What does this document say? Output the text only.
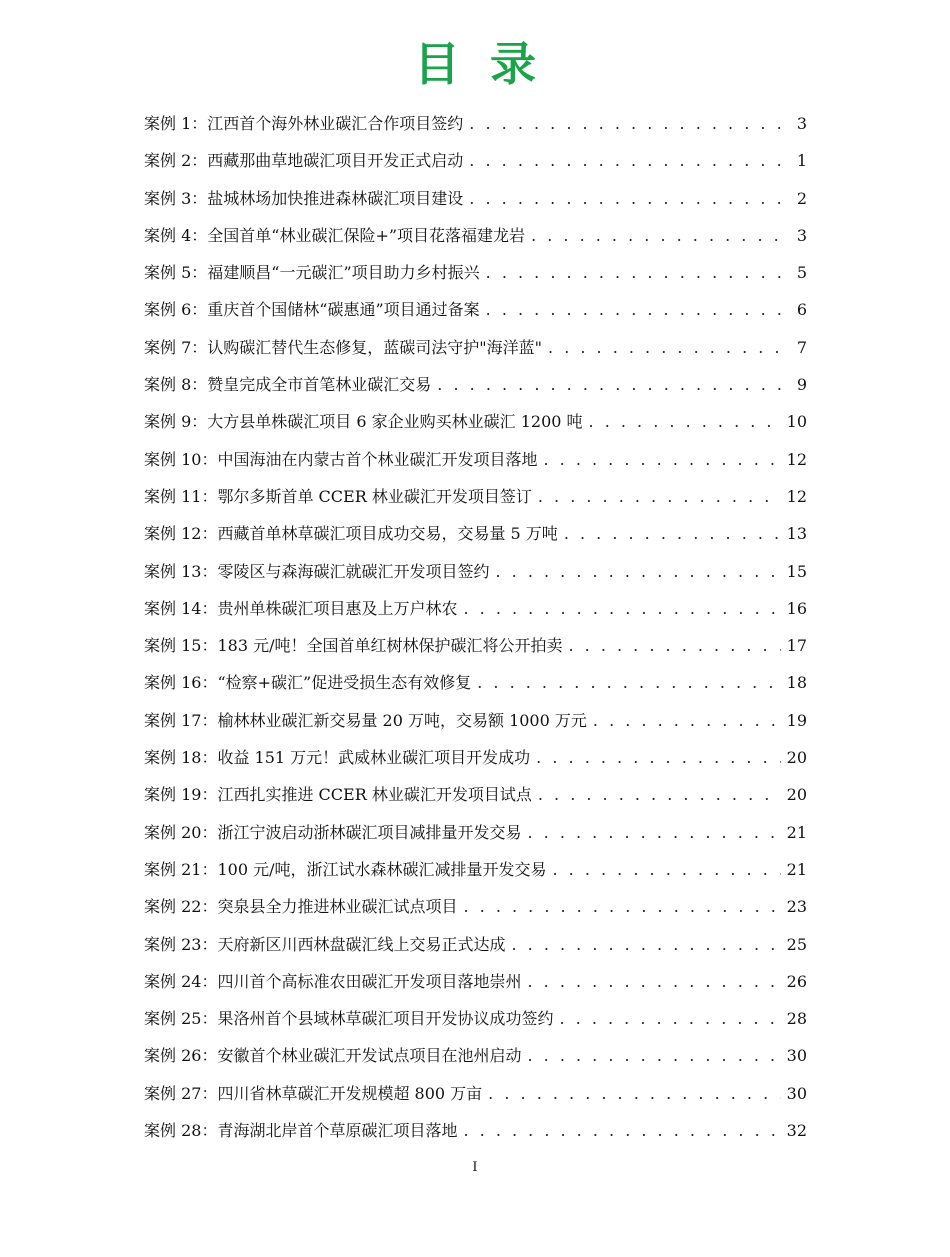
目录
案例 1： 江西首个海外林业碳汇合作项目签约 . . .	3
案例 2： 西藏那曲草地碳汇项目开发正式启动 . . .	1
案例 3： 盐城林场加快推进森林碳汇项目建设 . . .	2
案例 4： 全国首单“林业碳汇保险+”项目花落福建龙岩 . . .	3
案例 5： 福建顺昌“一元碳汇”项目助力乡村振兴 . . .	5
案例 6： 重庆首个国储林“碳惠通”项目通过备案 . . .	6
案例 7： 认购碳汇替代生态修复，蓝碳司法守护"海洋蓝" . . .	7
案例 8： 赞皇完成全市首笔林业碳汇交易 . . .	9
案例 9： 大方县单株碳汇项目 6 家企业购买林业碳汇 1200 吨 . . .	10
案例 10： 中国海油在内蒙古首个林业碳汇开发项目落地 . . .	12
案例 11： 鄂尔多斯首单 CCER 林业碳汇开发项目签订 . . .	12
案例 12： 西藏首单林草碳汇项目成功交易，交易量 5 万吨 . . .	13
案例 13： 零陵区与森海碳汇就碳汇开发项目签约 . . .	15
案例 14： 贵州单株碳汇项目惠及上万户林农 . . .	16
案例 15： 183 元/吨！全国首单红树林保护碳汇将公开拍卖 . . .	17
案例 16： “检察+碳汇”促进受损生态有效修复 . . .	18
案例 17： 榆林林业碳汇新交易量 20 万吨，交易额 1000 万元 . . .	19
案例 18： 收益 151 万元！武威林业碳汇项目开发成功 . . .	20
案例 19： 江西扎实推进 CCER 林业碳汇开发项目试点 . . .	20
案例 20： 浙江宁波启动浙林碳汇项目减排量开发交易 . . .	21
案例 21： 100 元/吨，浙江试水森林碳汇减排量开发交易 . . .	21
案例 22： 突泉县全力推进林业碳汇试点项目 . . .	23
案例 23： 天府新区川西林盘碳汇线上交易正式达成 . . .	25
案例 24： 四川首个高标准农田碳汇开发项目落地崇州 . . .	26
案例 25： 果洛州首个县域林草碳汇项目开发协议成功签约 . . .	28
案例 26： 安徽首个林业碳汇开发试点项目在池州启动 . . .	30
案例 27： 四川省林草碳汇开发规模超 800 万亩 . . .	30
案例 28： 青海湖北岸首个草原碳汇项目落地 . . .	32
I
